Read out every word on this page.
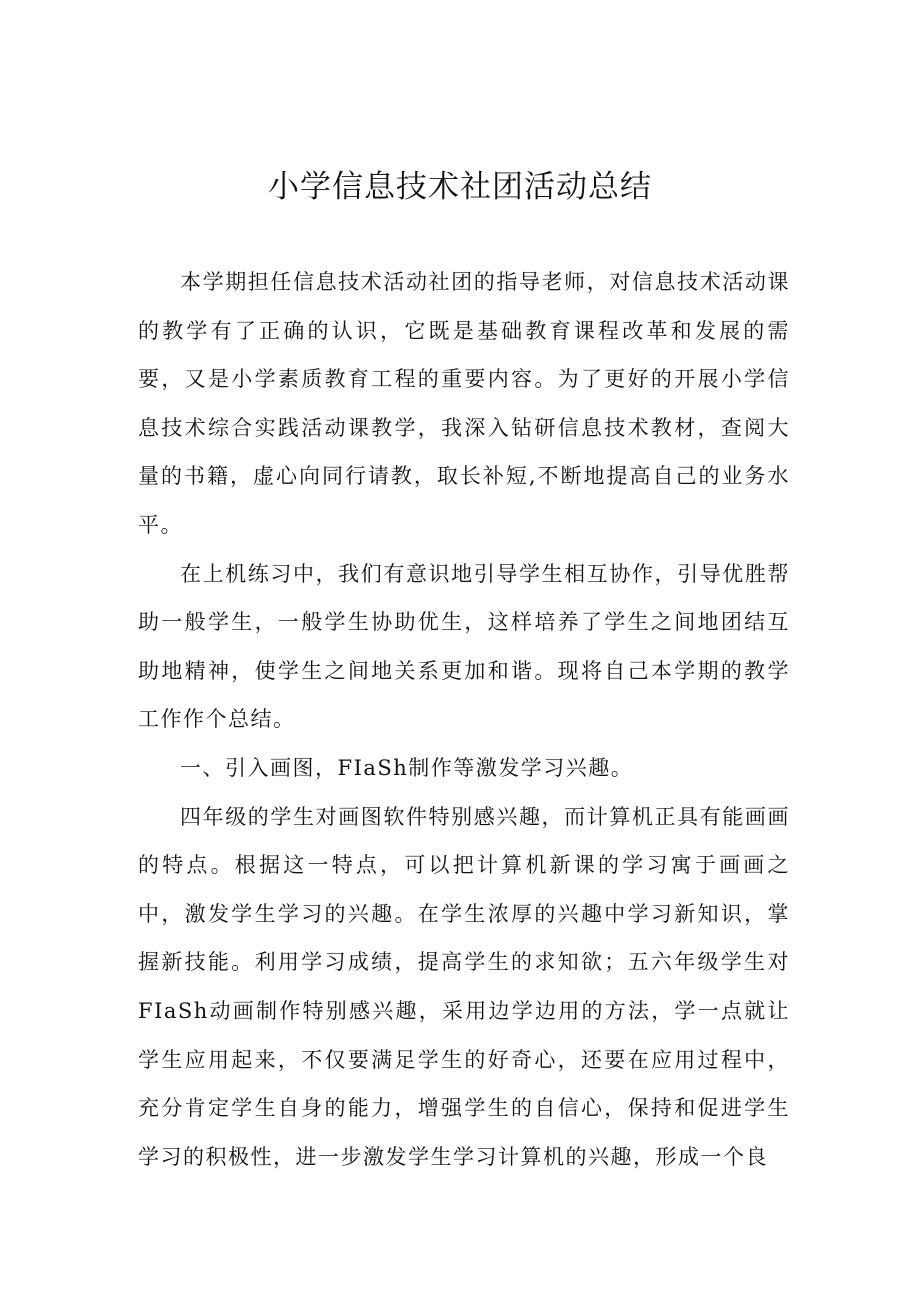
小学信息技术社团活动总结

本学期担任信息技术活动社团的指导老师，对信息技术活动课的教学有了正确的认识，它既是基础教育课程改革和发展的需要，又是小学素质教育工程的重要内容。为了更好的开展小学信息技术综合实践活动课教学，我深入钻研信息技术教材，查阅大量的书籍，虚心向同行请教，取长补短,不断地提高自己的业务水平。

在上机练习中，我们有意识地引导学生相互协作，引导优胜帮助一般学生，一般学生协助优生，这样培养了学生之间地团结互助地精神，使学生之间地关系更加和谐。现将自己本学期的教学工作作个总结。

一、引入画图，FIaSh制作等激发学习兴趣。

四年级的学生对画图软件特别感兴趣，而计算机正具有能画画的特点。根据这一特点，可以把计算机新课的学习寓于画画之中，激发学生学习的兴趣。在学生浓厚的兴趣中学习新知识，掌握新技能。利用学习成绩，提高学生的求知欲；五六年级学生对FIaSh动画制作特别感兴趣，采用边学边用的方法，学一点就让学生应用起来，不仅要满足学生的好奇心，还要在应用过程中，充分肯定学生自身的能力，增强学生的自信心，保持和促进学生学习的积极性，进一步激发学生学习计算机的兴趣，形成一个良
